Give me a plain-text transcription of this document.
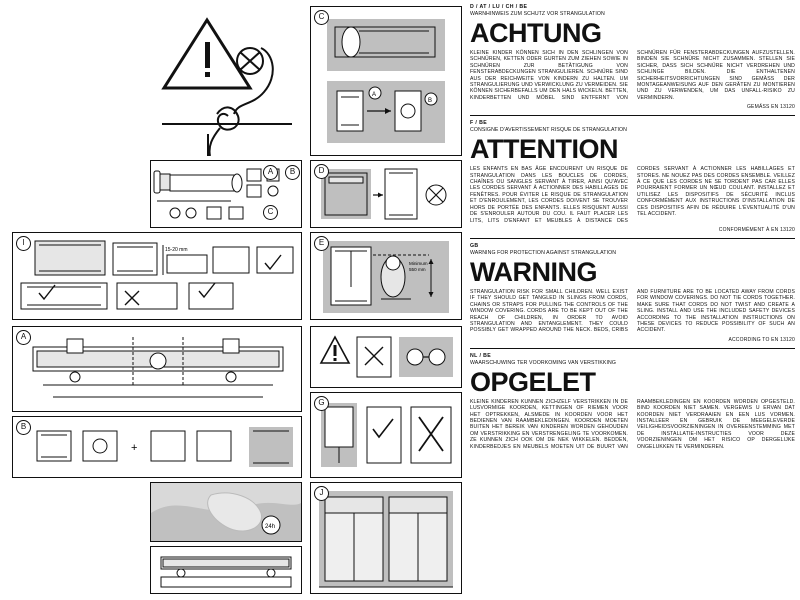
A	B
C
I
15-20 mm
A
B
+
24h
C
A
B
D
E
Minimum
550 mm
G
J
D / AT / LU / CH / BE
WARNHINWEIS ZUM SCHUTZ VOR STRANGULATION
ACHTUNG
KLEINE KINDER KÖNNEN SICH IN DEN SCHLINGEN VON SCHNÜREN, KETTEN ODER GURTEN ZUM ZIEHEN SOWIE IN SCHNÜREN ZUR BETÄTIGUNG VON FENSTERABDECKUNGEN STRANGULIEREN. SCHNÜRE SIND AUS DER REICHWEITE VON KINDERN ZU HALTEN. UM STRANGULIERUNG UND VERWICKLUNG ZU VERMEIDEN. SIE KÖNNEN SICHERBEFALLS UM DEN HALS WICKELN. BETTEN, KINDERBETTEN UND MÖBEL SIND ENTFERNT VON SCHNÜREN FÜR FENSTERABDECKUNGEN AUFZUSTELLEN. BINDEN SIE SCHNÜRE NICHT ZUSAMMEN. STELLEN SIE SICHER, DASS SICH SCHNÜRE NICHT VERDREHEN UND SCHLINGE BILDEN. DIE ENTHALTENEN SICHERHEITSVORRICHTUNGEN SIND GEMÄSS DER MONTAGEANWEISUNG AUF DEN GERÄTEN ZU MONTIEREN UND ZU VERWENDEN, UM DAS UNFALL-RISIKO ZU VERMINDERN.
GEMÄSS EN 13120
F / BE
CONSIGNE D'AVERTISSEMENT RISQUE DE STRANGULATION
ATTENTION
LES ENFANTS EN BAS ÂGE ENCOURENT UN RISQUE DE STRANGULATION DANS LES BOUCLES DE CORDES, CHAÎNES OU SANGLES SERVANT À TIRER, AINSI QU'AVEC LES CORDES SERVANT À ACTIONNER DES HABILLAGES DE FENÊTRES. POUR ÉVITER LE RISQUE DE STRANGULATION ET D'ENROULEMENT, LES CORDES DOIVENT SE TROUVER HORS DE PORTÉE DES ENFANTS. ELLES RISQUENT AUSSI DE S'ENROULER AUTOUR DU COU. IL FAUT PLACER LES LITS, LITS D'ENFANT ET MEUBLES À DISTANCE DES CORDES SERVANT À ACTIONNER LES HABILLAGES ET STORES. NE NOUEZ PAS DES CORDES ENSEMBLE. VEILLEZ À CE QUE LES CORDES NE SE TORDENT PAS CAR ELLES POURRAIENT FORMER UN NŒUD COULANT. INSTALLEZ ET UTILISEZ LES DISPOSITIFS DE SÉCURITÉ INCLUS CONFORMÉMENT AUX INSTRUCTIONS D'INSTALLATION DE CES DISPOSITIFS AFIN DE RÉDUIRE L'ÉVENTUALITÉ D'UN TEL ACCIDENT.
CONFORMÉMENT À EN 13120
GB
WARNING FOR PROTECTION AGAINST STRANGULATION
WARNING
STRANGULATION RISK FOR SMALL CHILDREN. WELL EXIST IF THEY SHOULD GET TANGLED IN SLINGS FROM CORDS, CHAINS OR STRAPS FOR PULLING THE CONTROLS OF THE WINDOW COVERING. CORDS ARE TO BE KEPT OUT OF THE REACH OF CHILDREN, IN ORDER TO AVOID STRANGULATION AND ENTANGLEMENT. THEY COULD POSSIBLY GET WRAPPED AROUND THE NECK. BEDS, CRIBS AND FURNITURE ARE TO BE LOCATED AWAY FROM CORDS FOR WINDOW COVERINGS. DO NOT TIE CORDS TOGETHER. MAKE SURE THAT CORDS DO NOT TWIST AND CREATE A SLING. INSTALL AND USE THE INCLUDED SAFETY DEVICES ACCORDING TO THE INSTALLATION INSTRUCTIONS ON THESE DEVICES TO REDUCE POSSIBILITY OF SUCH AN ACCIDENT.
ACCORDING TO EN 13120
NL / BE
WAARSCHUWING TER VOORKOMING VAN VERSTIKKING
OPGELET
KLEINE KINDEREN KUNNEN ZICHZELF VERSTRIKKEN IN DE LUSVORMIGE KOORDEN, KETTINGEN OF RIEMEN VOOR HET OPTREKKEN, ALSMEDE IN KOORDEN VOOR HET BEDIENEN VAN RAAMBEKLEDINGEN. KOORDEN MOETEN BUITEN HET BEREIK VAN KINDEREN WORDEN GEHOUDEN OM VERSTRIKKING EN VERSTRENGELING TE VOORKOMEN. ZE KUNNEN ZICH OOK OM DE NEK WIKKELEN. BEDDEN, KINDERBEDJES EN MEUBELS MOETEN UIT DE BUURT VAN RAAMBEKLEDINGEN EN KOORDEN WORDEN OPGESTELD. BIND KOORDEN NIET SAMEN. VERGEWIS U ERVAN DAT KOORDEN NIET VERDRAAIEN EN EEN LUS VORMEN. INSTALLEER EN GEBRUIK DE MEEGELEVERDE VEILIGHEIDSVOORZIENINGEN IN OVEREENSTEMMING MET DE INSTALLATIE-INSTRUCTIES VOOR DEZE VOORZIENINGEN OM HET RISICO OP DERGELIJKE ONGELUKKEN TE VERMINDEREN.
